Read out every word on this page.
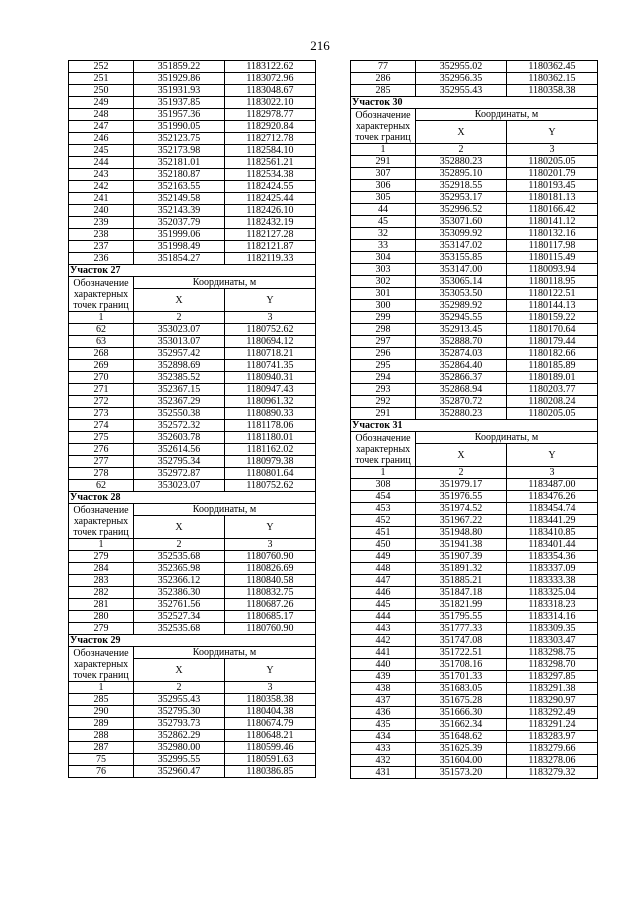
216
252	351859.22	1183122.62
251	351929.86	1183072.96
250	351931.93	1183048.67
249	351937.85	1183022.10
248	351957.36	1182978.77
247	351990.05	1182920.84
246	352123.75	1182712.78
245	352173.98	1182584.10
244	352181.01	1182561.21
243	352180.87	1182534.38
242	352163.55	1182424.55
241	352149.58	1182425.44
240	352143.39	1182426.10
239	352037.79	1182432.19
238	351999.06	1182127.28
237	351998.49	1182121.87
236	351854.27	1182119.33
Участок 27		
Обозначение характерных точек границ	Координаты, м	
	X	Y
1	2	3
62	353023.07	1180752.62
63	353013.07	1180694.12
268	352957.42	1180718.21
269	352898.69	1180741.35
270	352385.52	1180940.31
271	352367.15	1180947.43
272	352367.29	1180961.32
273	352550.38	1180890.33
274	352572.32	1181178.06
275	352603.78	1181180.01
276	352614.56	1181162.02
277	352795.34	1180979.38
278	352972.87	1180801.64
62	353023.07	1180752.62
Участок 28		
Обозначение характерных точек границ	Координаты, м	
	X	Y
1	2	3
279	352535.68	1180760.90
284	352365.98	1180826.69
283	352366.12	1180840.58
282	352386.30	1180832.75
281	352761.56	1180687.26
280	352527.34	1180685.17
279	352535.68	1180760.90
Участок 29		
Обозначение характерных точек границ	Координаты, м	
	X	Y
1	2	3
285	352955.43	1180358.38
290	352795.30	1180404.38
289	352793.73	1180674.79
288	352862.29	1180648.21
287	352980.00	1180599.46
75	352995.55	1180591.63
76	352960.47	1180386.85
77	352955.02	1180362.45
286	352956.35	1180362.15
285	352955.43	1180358.38
Участок 30		
Обозначение характерных точек границ	Координаты, м	
	X	Y
1	2	3
291	352880.23	1180205.05
307	352895.10	1180201.79
306	352918.55	1180193.45
305	352953.17	1180181.13
44	352996.52	1180166.42
45	353071.60	1180141.12
32	353099.92	1180132.16
33	353147.02	1180117.98
304	353155.85	1180115.49
303	353147.00	1180093.94
302	353065.14	1180118.95
301	353053.50	1180122.51
300	352989.92	1180144.13
299	352945.55	1180159.22
298	352913.45	1180170.64
297	352888.70	1180179.44
296	352874.03	1180182.66
295	352864.40	1180185.89
294	352866.37	1180189.01
293	352868.94	1180203.77
292	352870.72	1180208.24
291	352880.23	1180205.05
Участок 31		
Обозначение характерных точек границ	Координаты, м	
	X	Y
1	2	3
308	351979.17	1183487.00
454	351976.55	1183476.26
453	351974.52	1183454.74
452	351967.22	1183441.29
451	351948.80	1183410.85
450	351941.38	1183401.44
449	351907.39	1183354.36
448	351891.32	1183337.09
447	351885.21	1183333.38
446	351847.18	1183325.04
445	351821.99	1183318.23
444	351795.55	1183314.16
443	351777.33	1183309.35
442	351747.08	1183303.47
441	351722.51	1183298.75
440	351708.16	1183298.70
439	351701.33	1183297.85
438	351683.05	1183291.38
437	351675.28	1183290.97
436	351666.30	1183292.49
435	351662.34	1183291.24
434	351648.62	1183283.97
433	351625.39	1183279.66
432	351604.00	1183278.06
431	351573.20	1183279.32
